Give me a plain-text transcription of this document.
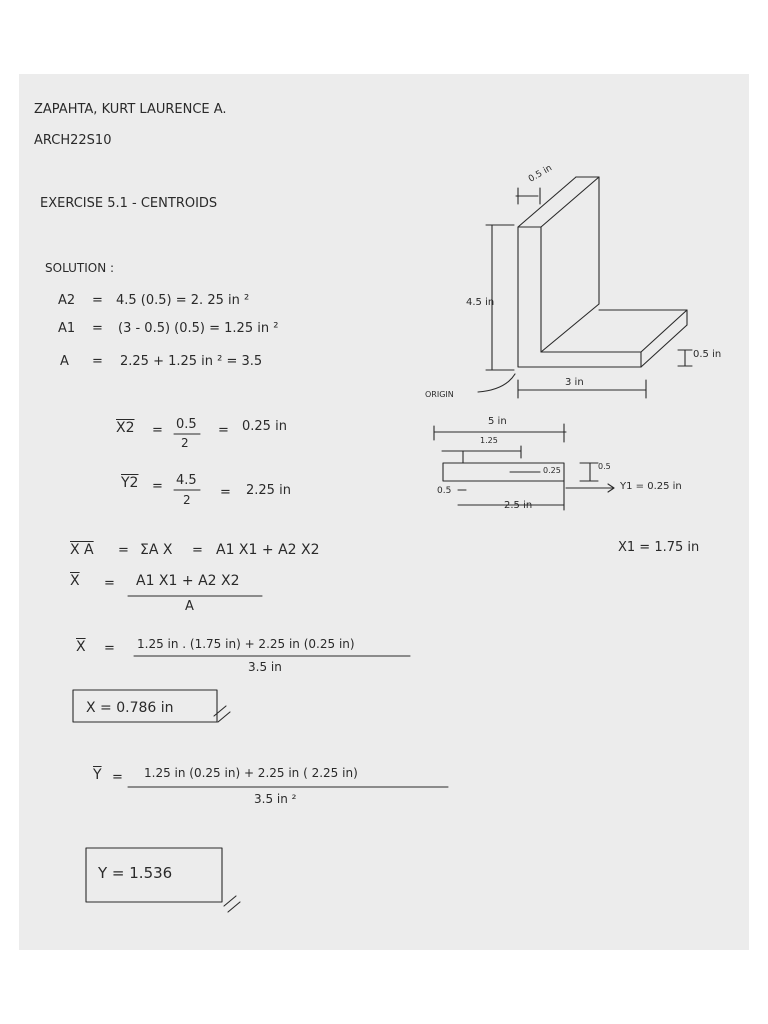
ZAPAHTA, KURT LAURENCE A.
ARCH22S10
EXERCISE 5.1 - CENTROIDS
SOLUTION :
A2 = 4.5 (0.5) = 2. 25 in ²
A1 = (3 - 0.5) (0.5) = 1.25 in ²
A = 2.25 + 1.25 in ² = 3.5
X2 = 0.5
2
= 0.25 in
Y2 = 4.5
2 = 2.25 in
X A = ΣA X = A1 X1 + A2 X2
$\overline{X} = A1$ X1 + A2 X2
A
$\overline{X} = 1.25$ in . (1.75 in) + 2.25 in (0.25 in)
3.5 in
X = 0.786 in
$\overline{Y} = 1.25$ in (0.25 in) + 2.25 in ( 2.25 in)
3.5 in ²
Y = 1.536
0.5 in
4.5 in
0.5 in
3 in
ORIGIN
5 in
1.25
0.25	0.5
0.5
2.5 in
Y1 = 0.25 in
X1 = 1.75 in
